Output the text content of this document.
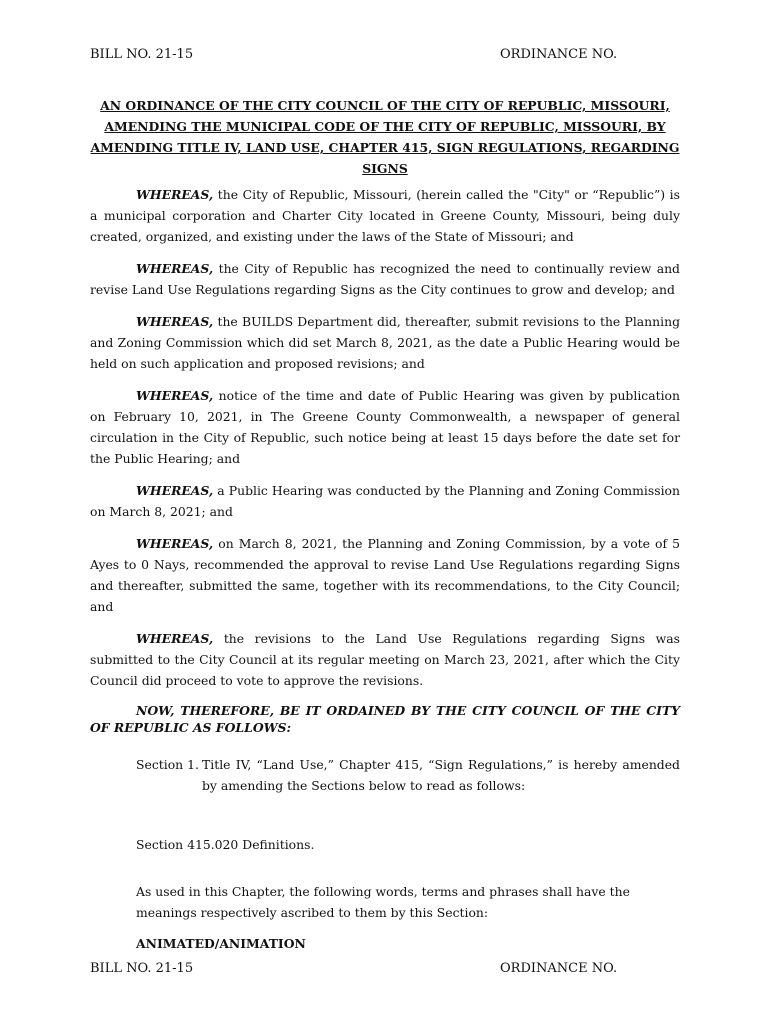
BILL NO. 21-15	ORDINANCE NO.
AN ORDINANCE OF THE CITY COUNCIL OF THE CITY OF REPUBLIC, MISSOURI, AMENDING THE MUNICIPAL CODE OF THE CITY OF REPUBLIC, MISSOURI, BY AMENDING TITLE IV, LAND USE, CHAPTER 415, SIGN REGULATIONS, REGARDING SIGNS

WHEREAS, the City of Republic, Missouri, (herein called the "City" or “Republic”) is a municipal corporation and Charter City located in Greene County, Missouri, being duly created, organized, and existing under the laws of the State of Missouri; and

WHEREAS, the City of Republic has recognized the need to continually review and revise Land Use Regulations regarding Signs as the City continues to grow and develop; and

WHEREAS, the BUILDS Department did, thereafter, submit revisions to the Planning and Zoning Commission which did set March 8, 2021, as the date a Public Hearing would be held on such application and proposed revisions; and

WHEREAS, notice of the time and date of Public Hearing was given by publication on February 10, 2021, in The Greene County Commonwealth, a newspaper of general circulation in the City of Republic, such notice being at least 15 days before the date set for the Public Hearing; and

WHEREAS, a Public Hearing was conducted by the Planning and Zoning Commission on March 8, 2021; and

WHEREAS, on March 8, 2021, the Planning and Zoning Commission, by a vote of 5 Ayes to 0 Nays, recommended the approval to revise Land Use Regulations regarding Signs and thereafter, submitted the same, together with its recommendations, to the City Council; and

WHEREAS, the revisions to the Land Use Regulations regarding Signs was submitted to the City Council at its regular meeting on March 23, 2021, after which the City Council did proceed to vote to approve the revisions.

NOW, THEREFORE, BE IT ORDAINED BY THE CITY COUNCIL OF THE CITY OF REPUBLIC AS FOLLOWS:

Section 1. Title IV, “Land Use,” Chapter 415, “Sign Regulations,” is hereby amended by amending the Sections below to read as follows:
Section 415.020 Definitions.
As used in this Chapter, the following words, terms and phrases shall have the meanings respectively ascribed to them by this Section:
ANIMATED/ANIMATION
BILL NO. 21-15	ORDINANCE NO.
